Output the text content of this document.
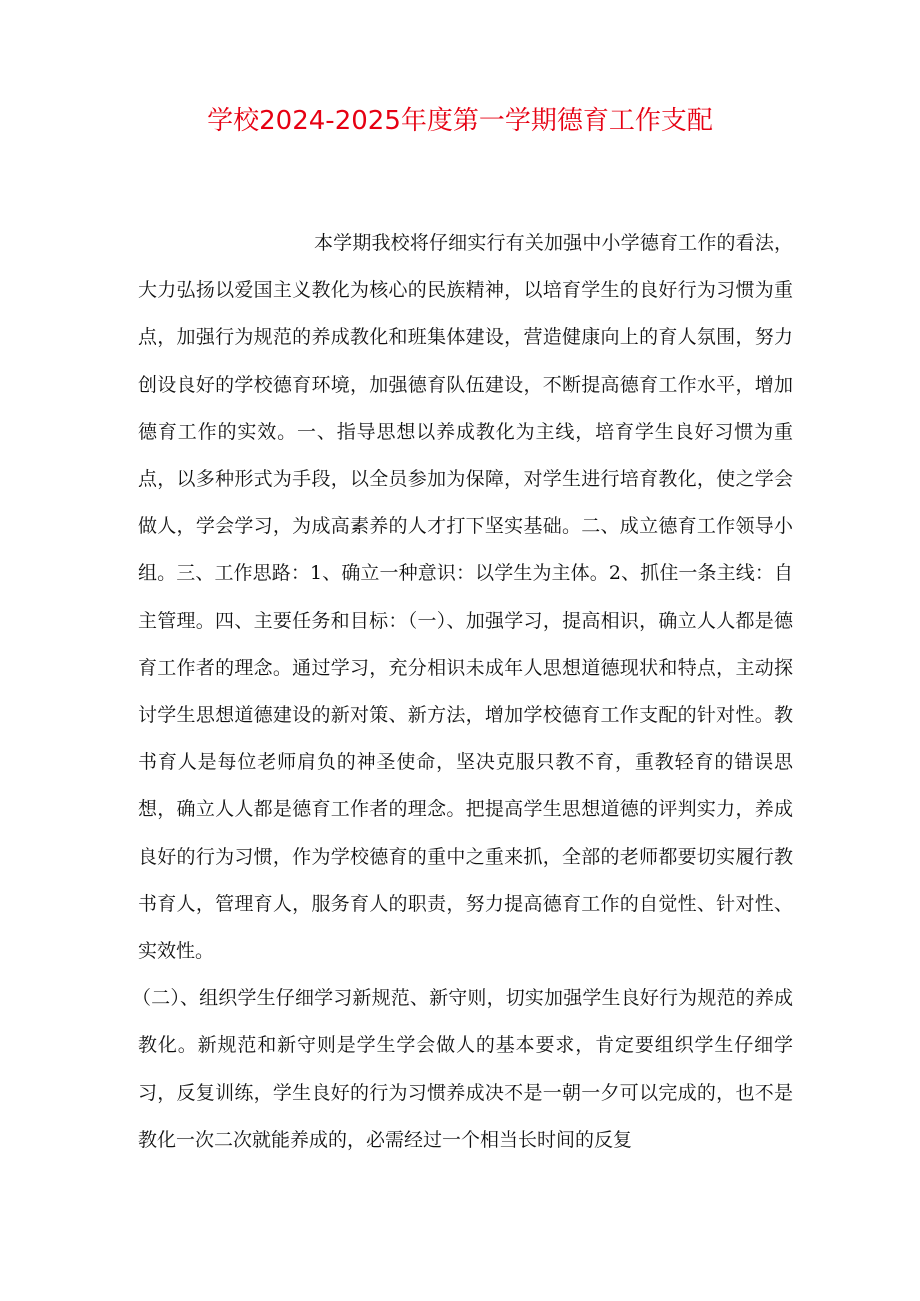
学校2024-2025年度第一学期德育工作支配

本学期我校将仔细实行有关加强中小学德育工作的看法，大力弘扬以爱国主义教化为核心的民族精神，以培育学生的良好行为习惯为重点，加强行为规范的养成教化和班集体建设，营造健康向上的育人氛围，努力创设良好的学校德育环境，加强德育队伍建设，不断提高德育工作水平，增加德育工作的实效。一、指导思想以养成教化为主线，培育学生良好习惯为重点，以多种形式为手段，以全员参加为保障，对学生进行培育教化，使之学会做人，学会学习，为成高素养的人才打下坚实基础。二、成立德育工作领导小组。三、工作思路：1、确立一种意识：以学生为主体。2、抓住一条主线：自主管理。四、主要任务和目标：（一）、加强学习，提高相识，确立人人都是德育工作者的理念。通过学习，充分相识未成年人思想道德现状和特点，主动探讨学生思想道德建设的新对策、新方法，增加学校德育工作支配的针对性。教书育人是每位老师肩负的神圣使命，坚决克服只教不育，重教轻育的错误思想，确立人人都是德育工作者的理念。把提高学生思想道德的评判实力，养成良好的行为习惯，作为学校德育的重中之重来抓，全部的老师都要切实履行教书育人，管理育人，服务育人的职责，努力提高德育工作的自觉性、针对性、实效性。

（二）、组织学生仔细学习新规范、新守则，切实加强学生良好行为规范的养成教化。新规范和新守则是学生学会做人的基本要求，肯定要组织学生仔细学习，反复训练，学生良好的行为习惯养成决不是一朝一夕可以完成的，也不是教化一次二次就能养成的，必需经过一个相当长时间的反复
